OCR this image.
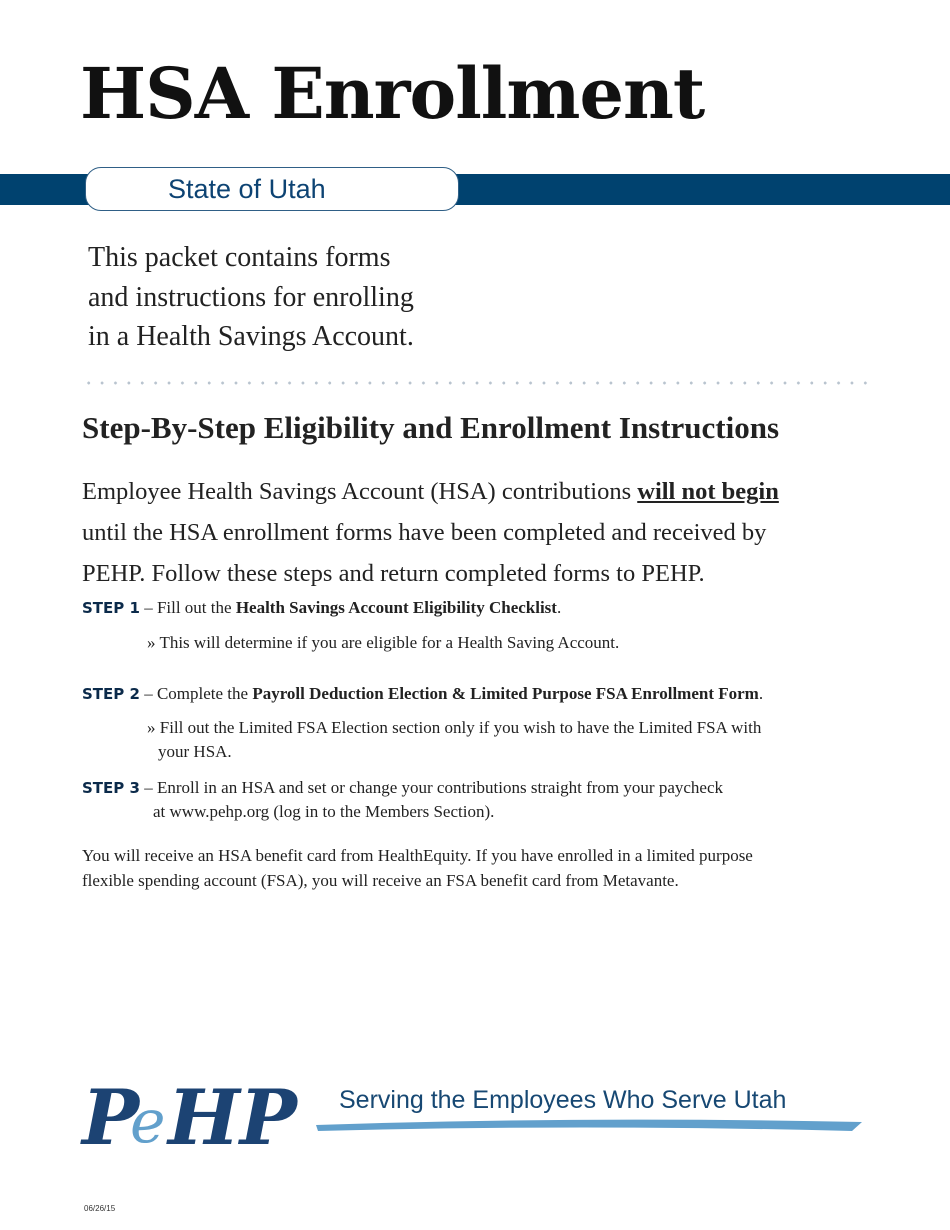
HSA Enrollment
State of Utah
This packet contains forms
and instructions for enrolling
in a Health Savings Account.
Step-By-Step Eligibility and Enrollment Instructions
Employee Health Savings Account (HSA) contributions will not begin
until the HSA enrollment forms have been completed and received by
PEHP. Follow these steps and return completed forms to PEHP.
STEP 1 – Fill out the Health Savings Account Eligibility Checklist.
» This will determine if you are eligible for a Health Saving Account.
STEP 2 – Complete the Payroll Deduction Election & Limited Purpose FSA Enrollment Form.
» Fill out the Limited FSA Election section only if you wish to have the Limited FSA with
your HSA.
STEP 3 – Enroll in an HSA and set or change your contributions straight from your paycheck
at www.pehp.org (log in to the Members Section).
You will receive an HSA benefit card from HealthEquity. If you have enrolled in a limited purpose
flexible spending account (FSA), you will receive an FSA benefit card from Metavante.
P
e HP Serving the Employees Who Serve Utah
06/26/15
